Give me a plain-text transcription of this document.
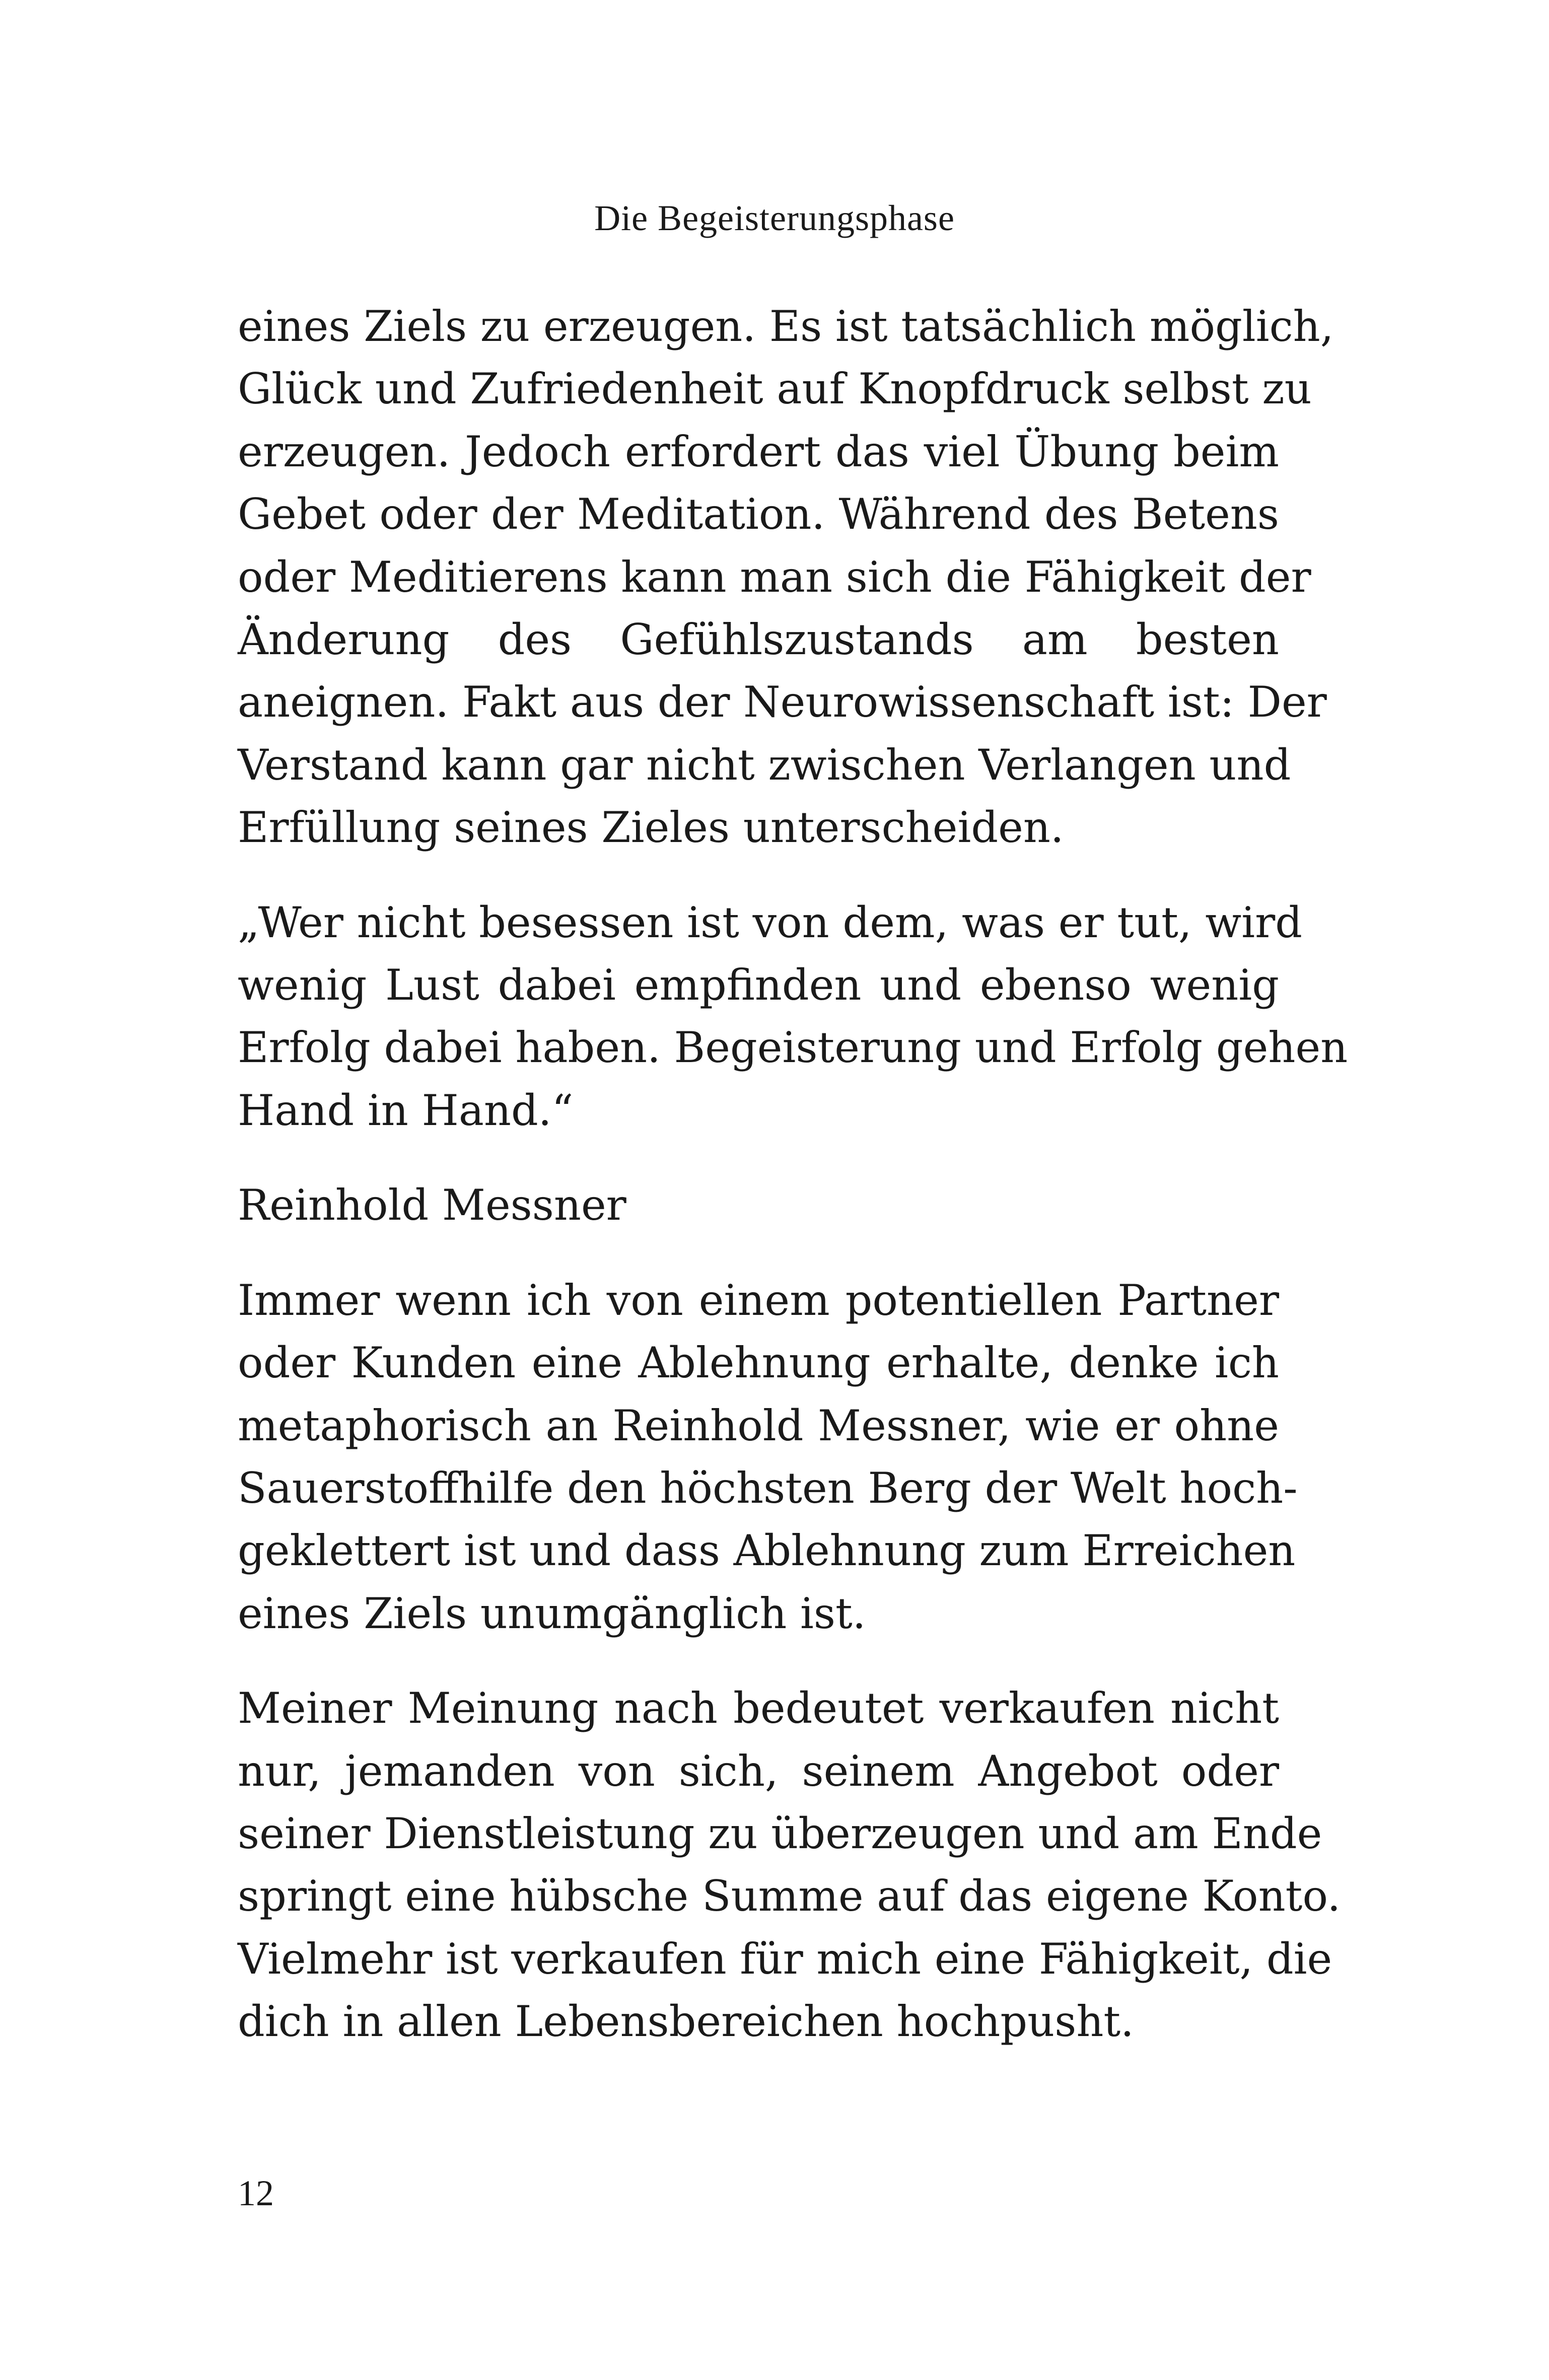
Die Begeisterungsphase

eines Ziels zu erzeugen. Es ist tatsächlich möglich,
Glück und Zufriedenheit auf Knopfdruck selbst zu
erzeugen. Jedoch erfordert das viel Übung beim
Gebet oder der Meditation. Während des Betens
oder Meditierens kann man sich die Fähigkeit der
Änderung des Gefühlszustands am besten
aneignen. Fakt aus der Neurowissenschaft ist: Der
Verstand kann gar nicht zwischen Verlangen und
Erfüllung seines Zieles unterscheiden.

„Wer nicht besessen ist von dem, was er tut, wird
wenig Lust dabei empfinden und ebenso wenig
Erfolg dabei haben. Begeisterung und Erfolg gehen
Hand in Hand.“

Reinhold Messner

Immer wenn ich von einem potentiellen Partner
oder Kunden eine Ablehnung erhalte, denke ich
metaphorisch an Reinhold Messner, wie er ohne
Sauerstoffhilfe den höchsten Berg der Welt hoch-
geklettert ist und dass Ablehnung zum Erreichen
eines Ziels unumgänglich ist.

Meiner Meinung nach bedeutet verkaufen nicht
nur, jemanden von sich, seinem Angebot oder
seiner Dienstleistung zu überzeugen und am Ende
springt eine hübsche Summe auf das eigene Konto.
Vielmehr ist verkaufen für mich eine Fähigkeit, die
dich in allen Lebensbereichen hochpusht.

12
